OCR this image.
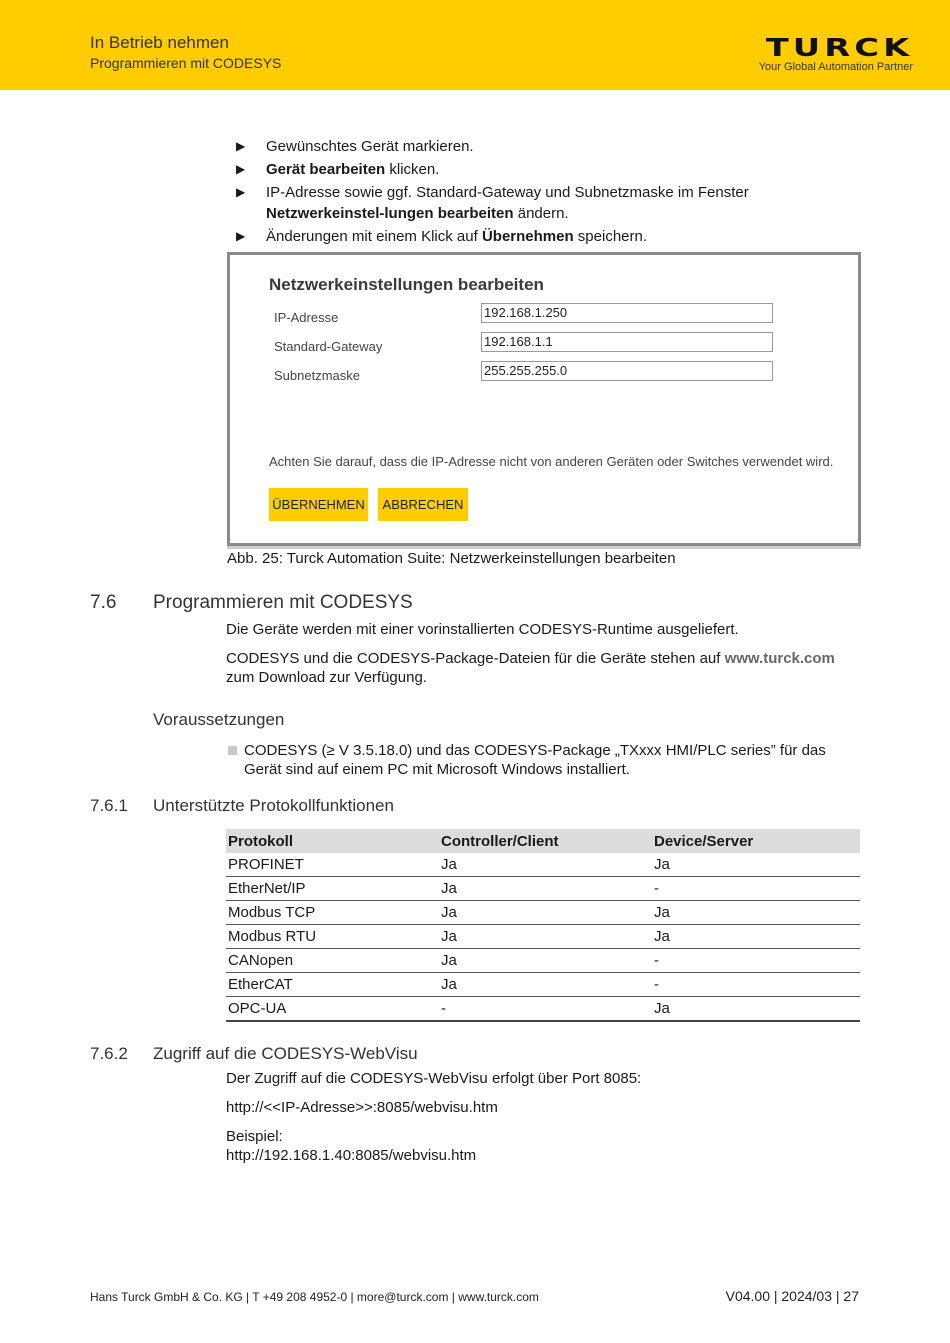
In Betrieb nehmen
Programmieren mit CODESYS
TURCK
Your Global Automation Partner
▶ Gewünschtes Gerät markieren.
▶ Gerät bearbeiten klicken.
▶ IP-Adresse sowie ggf. Standard-Gateway und Subnetzmaske im Fenster Netzwerkeinstel-lungen bearbeiten ändern.
▶ Änderungen mit einem Klick auf Übernehmen speichern.
Netzwerkeinstellungen bearbeiten
IP-Adresse	192.168.1.250
Standard-Gateway	192.168.1.1
Subnetzmaske	255.255.255.0
Achten Sie darauf, dass die IP-Adresse nicht von anderen Geräten oder Switches verwendet wird.
ÜBERNEHMEN	ABBRECHEN
Abb. 25: Turck Automation Suite: Netzwerkeinstellungen bearbeiten
7.6 Programmieren mit CODESYS
Die Geräte werden mit einer vorinstallierten CODESYS-Runtime ausgeliefert.
CODESYS und die CODESYS-Package-Dateien für die Geräte stehen auf www.turck.com zum Download zur Verfügung.
Voraussetzungen
CODESYS (≥ V 3.5.18.0) und das CODESYS-Package „TXxxx HMI/PLC series” für das Gerät sind auf einem PC mit Microsoft Windows installiert.
7.6.1 Unterstützte Protokollfunktionen
Protokoll	Controller/Client	Device/Server
PROFINET	Ja	Ja
EtherNet/IP	Ja	-
Modbus TCP	Ja	Ja
Modbus RTU	Ja	Ja
CANopen	Ja	-
EtherCAT	Ja	-
OPC-UA	-	Ja
7.6.2 Zugriff auf die CODESYS-WebVisu
Der Zugriff auf die CODESYS-WebVisu erfolgt über Port 8085:
http://<<IP-Adresse>>:8085/webvisu.htm
Beispiel:
http://192.168.1.40:8085/webvisu.htm
Hans Turck GmbH & Co. KG | T +49 208 4952-0 | more@turck.com | www.turck.com	V04.00 | 2024/03 | 27
